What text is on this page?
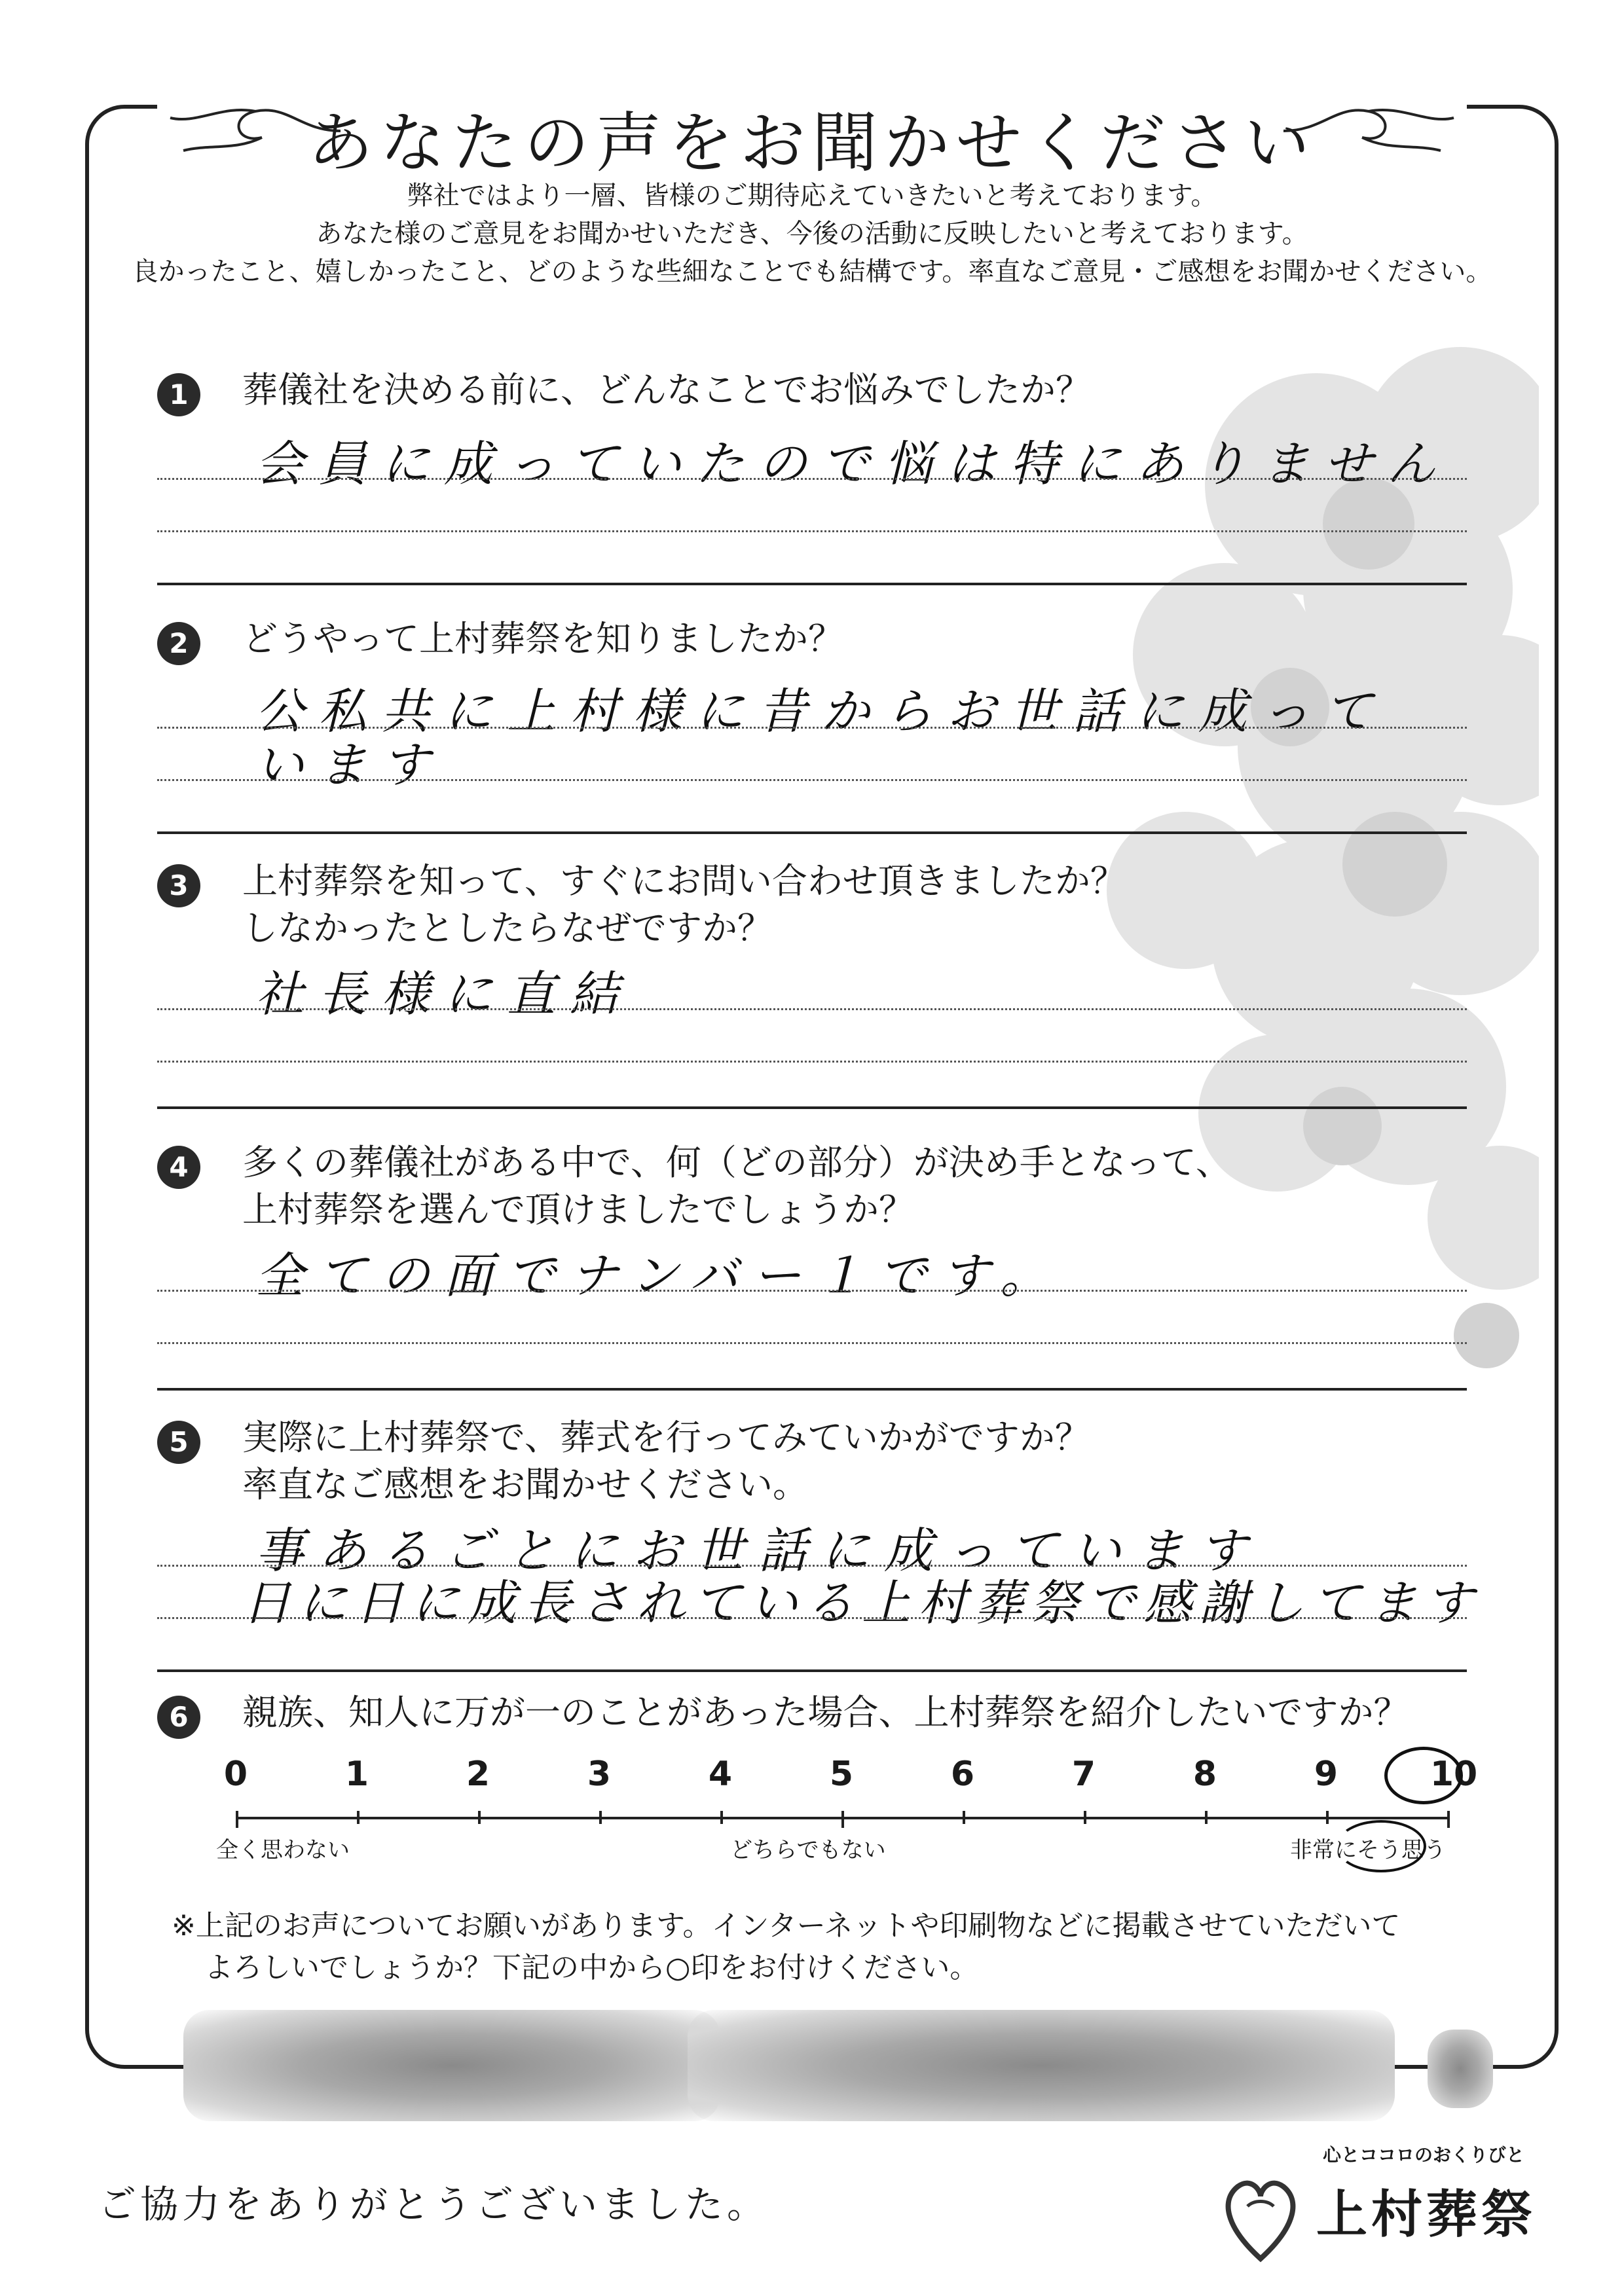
あなたの声をお聞かせください
弊社ではより一層、皆様のご期待応えていきたいと考えております。
あなた様のご意見をお聞かせいただき、今後の活動に反映したいと考えております。
良かったこと、嬉しかったこと、どのような些細なことでも結構です。率直なご意見・ご感想をお聞かせください。
1	葬儀社を決める前に、どんなことでお悩みでしたか？
会員に成っていたので悩は特にありません
2	どうやって上村葬祭を知りましたか？
公私共に上村様に昔からお世話に成って
います
3	上村葬祭を知って、すぐにお問い合わせ頂きましたか？
しなかったとしたらなぜですか？
社長様に直結
4	多くの葬儀社がある中で、何（どの部分）が決め手となって、
上村葬祭を選んで頂けましたでしょうか？
全ての面でナンバー１です。
5	実際に上村葬祭で、葬式を行ってみていかがですか？
率直なご感想をお聞かせください。
事あるごとにお世話に成っています
日に日に成長されている上村葬祭で感謝してます
6	親族、知人に万が一のことがあった場合、上村葬祭を紹介したいですか？
0	1	2	3	4	5	6	7	8	9	10
全く思わない	どちらでもない	非常にそう思う
※上記のお声についてお願いがあります。インターネットや印刷物などに掲載させていただいて
よろしいでしょうか？下記の中から○印をお付けください。
ご協力をありがとうございました。
心とココロのおくりびと
上村葬祭
